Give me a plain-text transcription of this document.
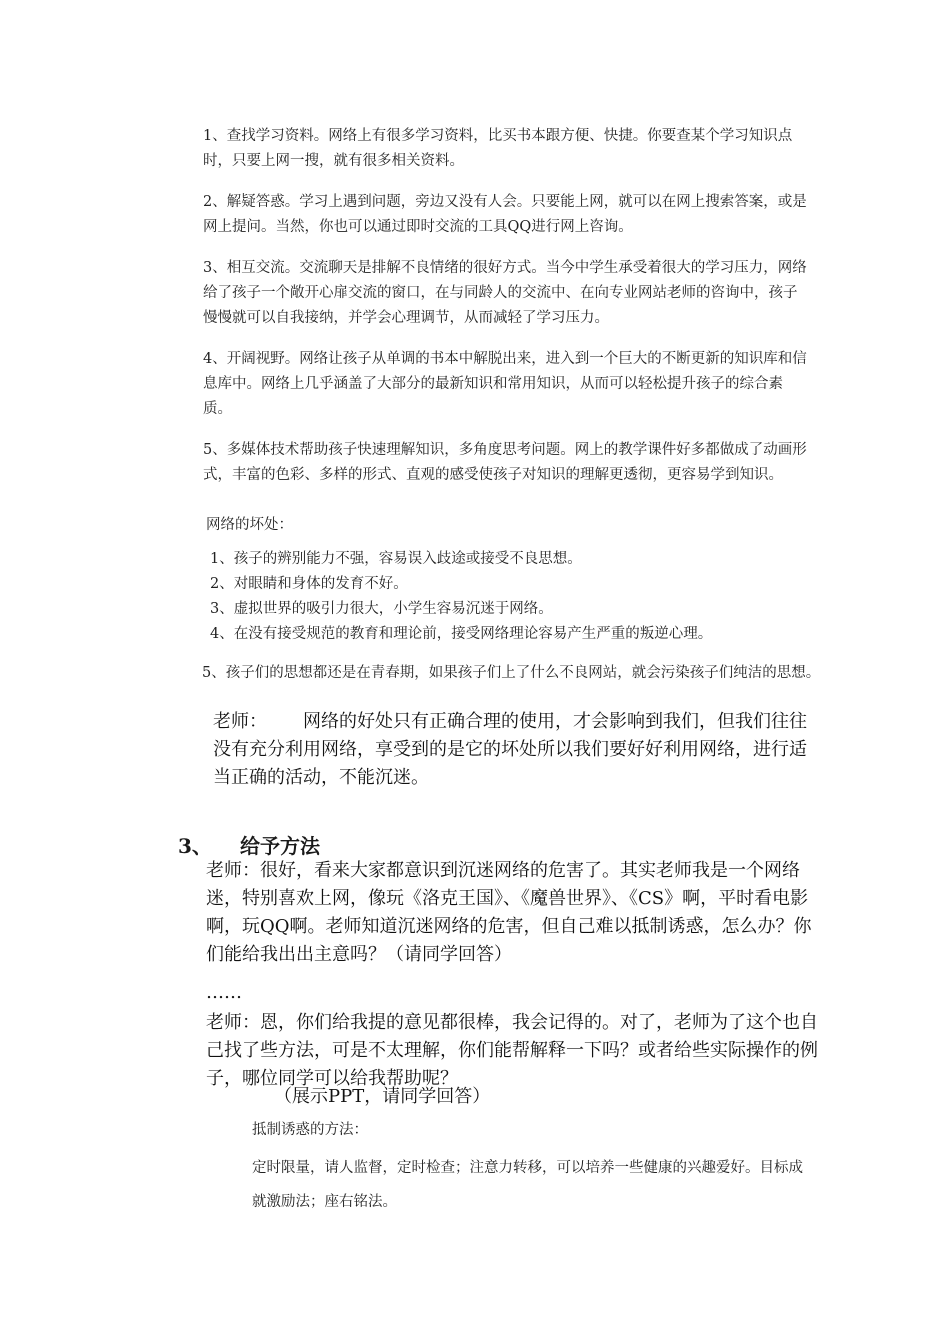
1、查找学习资料。网络上有很多学习资料，比买书本跟方便、快捷。你要查某个学习知识点时，只要上网一搜，就有很多相关资料。

2、解疑答惑。学习上遇到问题，旁边又没有人会。只要能上网，就可以在网上搜索答案，或是网上提问。当然，你也可以通过即时交流的工具QQ进行网上咨询。

3、相互交流。交流聊天是排解不良情绪的很好方式。当今中学生承受着很大的学习压力，网络给了孩子一个敞开心扉交流的窗口，在与同龄人的交流中、在向专业网站老师的咨询中，孩子慢慢就可以自我接纳，并学会心理调节，从而减轻了学习压力。

4、开阔视野。网络让孩子从单调的书本中解脱出来，进入到一个巨大的不断更新的知识库和信息库中。网络上几乎涵盖了大部分的最新知识和常用知识，从而可以轻松提升孩子的综合素质。

5、多媒体技术帮助孩子快速理解知识，多角度思考问题。网上的教学课件好多都做成了动画形式，丰富的色彩、多样的形式、直观的感受使孩子对知识的理解更透彻，更容易学到知识。

网络的坏处：

1、孩子的辨别能力不强，容易误入歧途或接受不良思想。

2、对眼睛和身体的发育不好。

3、虚拟世界的吸引力很大，小学生容易沉迷于网络。

4、在没有接受规范的教育和理论前，接受网络理论容易产生严重的叛逆心理。

5、孩子们的思想都还是在青春期，如果孩子们上了什么不良网站，就会污染孩子们纯洁的思想。
老师： 网络的好处只有正确合理的使用，才会影响到我们，但我们往往没有充分利用网络，享受到的是它的坏处所以我们要好好利用网络，进行适当正确的活动，不能沉迷。
3、 给予方法
老师：很好，看来大家都意识到沉迷网络的危害了。其实老师我是一个网络迷，特别喜欢上网，像玩《洛克王国》、《魔兽世界》、《CS》啊，平时看电影啊，玩QQ啊。老师知道沉迷网络的危害，但自己难以抵制诱惑，怎么办？你们能给我出出主意吗？（请同学回答）
……
老师：恩，你们给我提的意见都很棒，我会记得的。对了，老师为了这个也自己找了些方法，可是不太理解，你们能帮解释一下吗？或者给些实际操作的例子，哪位同学可以给我帮助呢？
（展示PPT，请同学回答）
抵制诱惑的方法：
定时限量，请人监督，定时检查；注意力转移，可以培养一些健康的兴趣爱好。目标成就激励法；座右铭法。
